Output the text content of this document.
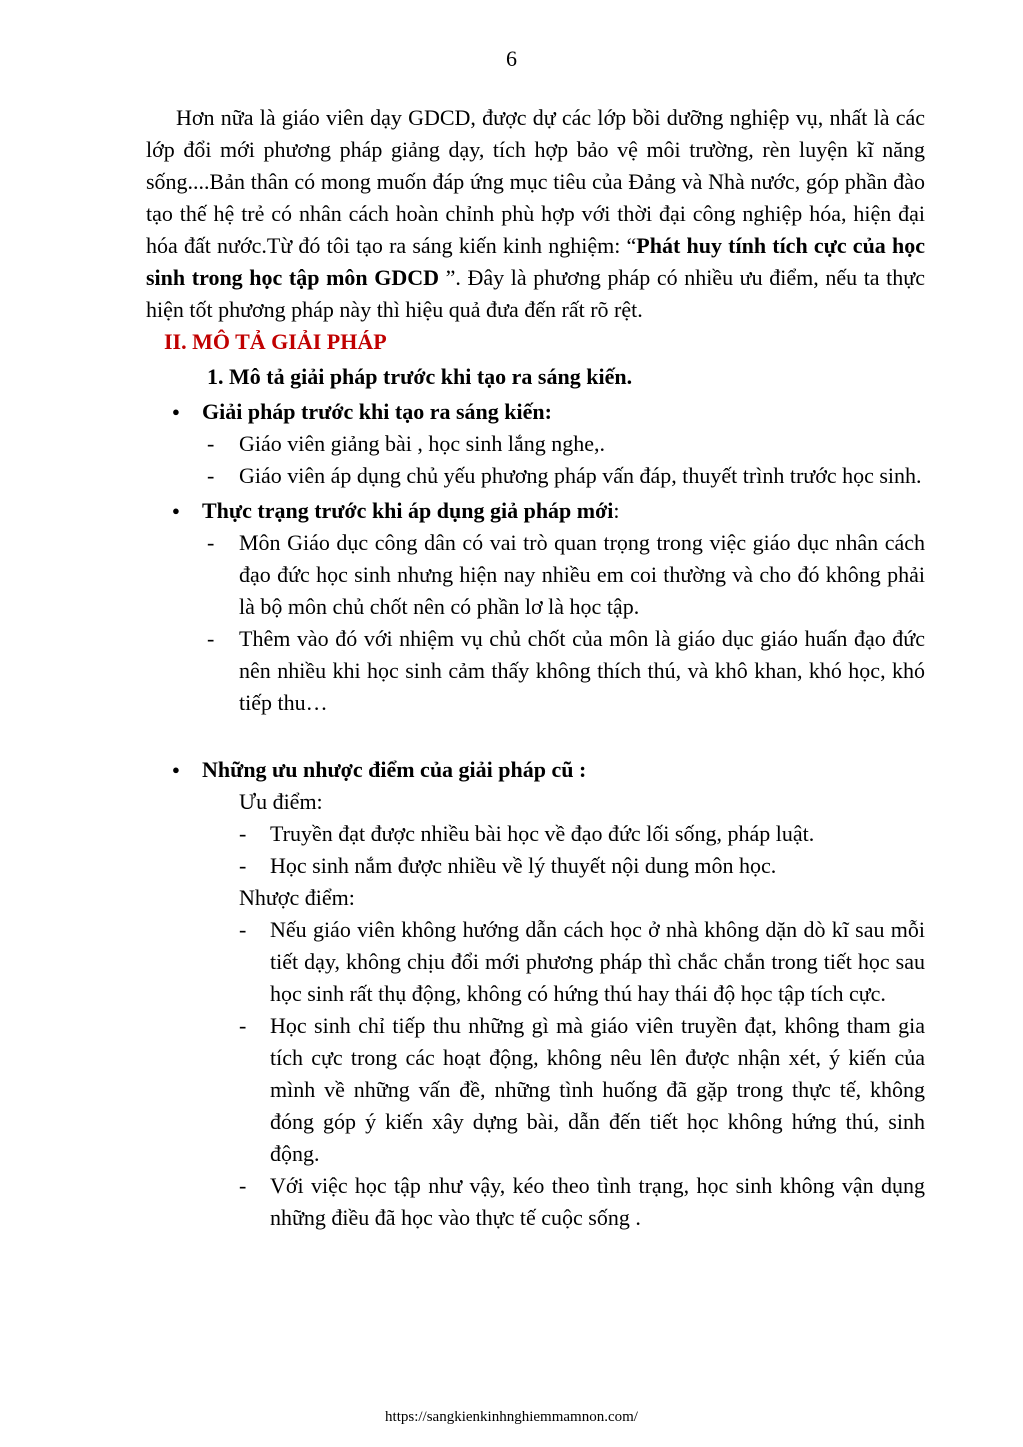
6

Hơn nữa là giáo viên dạy GDCD, được dự các lớp bồi dưỡng nghiệp vụ, nhất là các lớp đổi mới phương pháp giảng dạy, tích hợp bảo vệ môi trường, rèn luyện kĩ năng sống....Bản thân có mong muốn đáp ứng mục tiêu của Đảng và Nhà nước, góp phần đào tạo thế hệ trẻ có nhân cách hoàn chỉnh phù hợp với thời đại công nghiệp hóa, hiện đại hóa đất nước.Từ đó tôi tạo ra sáng kiến kinh nghiệm: “Phát huy tính tích cực của học sinh trong học tập môn GDCD ”. Đây là phương pháp có nhiều ưu điểm, nếu ta thực hiện tốt phương pháp này thì hiệu quả đưa đến rất rõ rệt.

II. MÔ TẢ GIẢI PHÁP

1. Mô tả giải pháp trước khi tạo ra sáng kiến.

● Giải pháp trước khi tạo ra sáng kiến:

- Giáo viên giảng bài , học sinh lắng nghe,.

- Giáo viên áp dụng chủ yếu phương pháp vấn đáp, thuyết trình trước học sinh.

● Thực trạng trước khi áp dụng giả pháp mới:

- Môn Giáo dục công dân có vai trò quan trọng trong việc giáo dục nhân cách đạo đức học sinh nhưng hiện nay nhiều em coi thường và cho đó không phải là bộ môn chủ chốt nên có phần lơ là học tập.

- Thêm vào đó với nhiệm vụ chủ chốt của môn là giáo dục giáo huấn đạo đức nên nhiều khi học sinh cảm thấy không thích thú, và khô khan, khó học, khó tiếp thu…

● Những ưu nhược điểm của giải pháp cũ :

Ưu điểm:

- Truyền đạt được nhiều bài học về đạo đức lối sống, pháp luật.

- Học sinh nắm được nhiều về lý thuyết nội dung môn học.

Nhược điểm:

- Nếu giáo viên không hướng dẫn cách học ở nhà không dặn dò kĩ sau mỗi tiết dạy, không chịu đổi mới phương pháp thì chắc chắn trong tiết học sau học sinh rất thụ động, không có hứng thú hay thái độ học tập tích cực.

- Học sinh chỉ tiếp thu những gì mà giáo viên truyền đạt, không tham gia tích cực trong các hoạt động, không nêu lên được nhận xét, ý kiến của mình về những vấn đề, những tình huống đã gặp trong thực tế, không đóng góp ý kiến xây dựng bài, dẫn đến tiết học không hứng thú, sinh động.

- Với việc học tập như vậy, kéo theo tình trạng, học sinh không vận dụng những điều đã học vào thực tế cuộc sống .

https://sangkienkinhnghiemmamnon.com/
